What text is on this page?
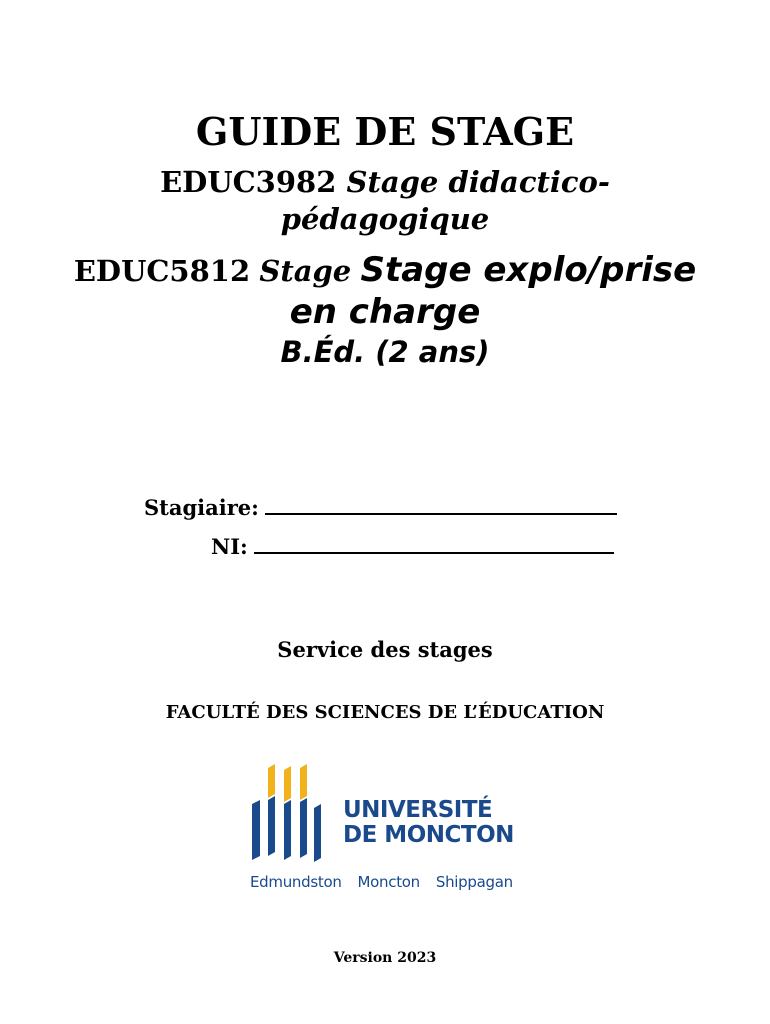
GUIDE DE STAGE
EDUC3982 Stage didactico-
pédagogique
EDUC5812 Stage Stage explo/prise
en charge
B.Éd. (2 ans)
Stagiaire:
NI:
Service des stages
FACULTÉ DES SCIENCES DE L’ÉDUCATION
UNIVERSITÉ
DE MONCTON
Edmundston Moncton Shippagan
Version 2023
